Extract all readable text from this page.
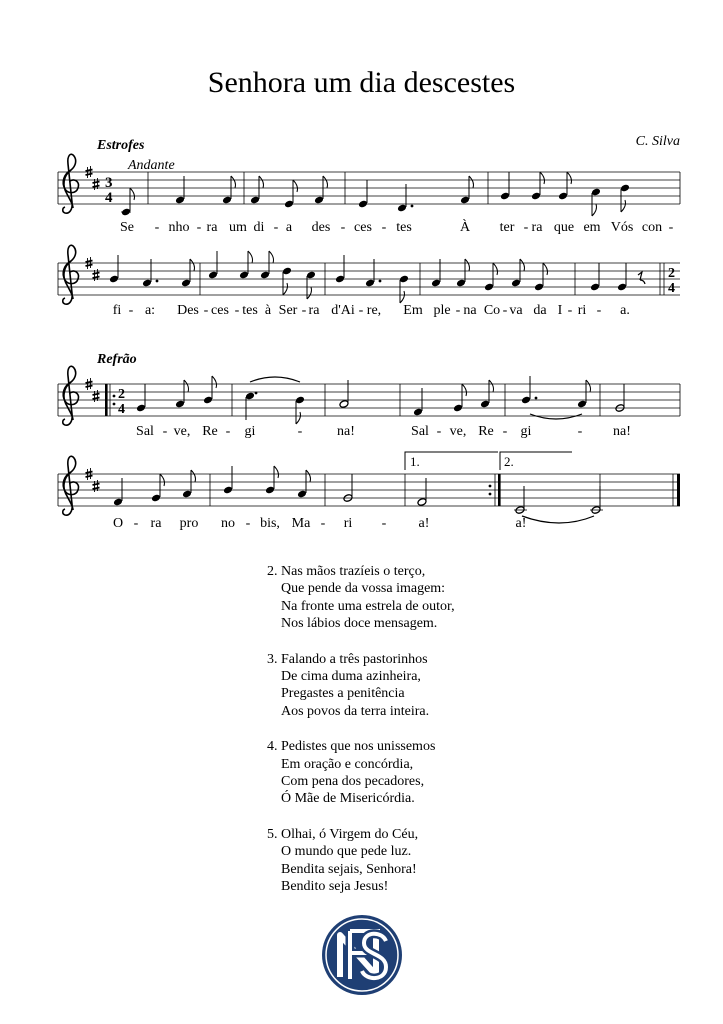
Senhora um dia descestes
C. Silva
Estrofes
Andante
Refrão
3
4
2
4
2
4
1.	2.
Se - nho - ra um di - a des - ces - tes	À ter - ra que em Vós con -
fi - a: Des - ces - tes à Ser - ra d'Ai - re, Em ple - na Co - va da I - ri - a.
Sal - ve, Re - gi	- na!	Sal - ve, Re - gi	- na!
O - ra pro no - bis, Ma - ri - a!	a!
2. Nas mãos trazíeis o terço,
Que pende da vossa imagem:
Na fronte uma estrela de outor,
Nos lábios doce mensagem.
3. Falando a três pastorinhos
De cima duma azinheira,
Pregastes a penitência
Aos povos da terra inteira.
4. Pedistes que nos unissemos
Em oração e concórdia,
Com pena dos pecadores,
Ó Mãe de Misericórdia.
5. Olhai, ó Virgem do Céu,
O mundo que pede luz.
Bendita sejais, Senhora!
Bendito seja Jesus!
